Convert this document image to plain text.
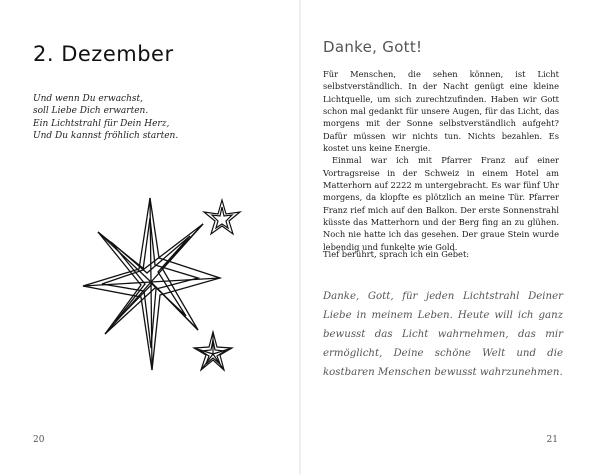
2. Dezember
Und wenn Du erwachst,
soll Liebe Dich erwarten.
Ein Lichtstrahl für Dein Herz,
Und Du kannst fröhlich starten.
20
Danke, Gott!

Für Menschen, die sehen können, ist Licht selbstverständlich. In der Nacht genügt eine kleine Lichtquelle, um sich zurechtzufinden. Haben wir Gott schon mal gedankt für unsere Augen, für das Licht, das morgens mit der Sonne selbstverständlich aufgeht? Dafür müssen wir nichts tun. Nichts bezahlen. Es kostet uns keine Energie.

Einmal war ich mit Pfarrer Franz auf einer Vortragsreise in der Schweiz in einem Hotel am Matterhorn auf 2222 m untergebracht. Es war fünf Uhr morgens, da klopfte es plötzlich an meine Tür. Pfarrer Franz rief mich auf den Balkon. Der erste Sonnenstrahl küsste das Matterhorn und der Berg fing an zu glühen. Noch nie hatte ich das gesehen. Der graue Stein wurde lebendig und funkelte wie Gold.

Tief berührt, sprach ich ein Gebet:
Danke, Gott, für jeden Lichtstrahl Deiner Liebe in meinem Leben. Heute will ich ganz bewusst das Licht wahrnehmen, das mir ermöglicht, Deine schöne Welt und die kostbaren Menschen bewusst wahrzunehmen.
21
